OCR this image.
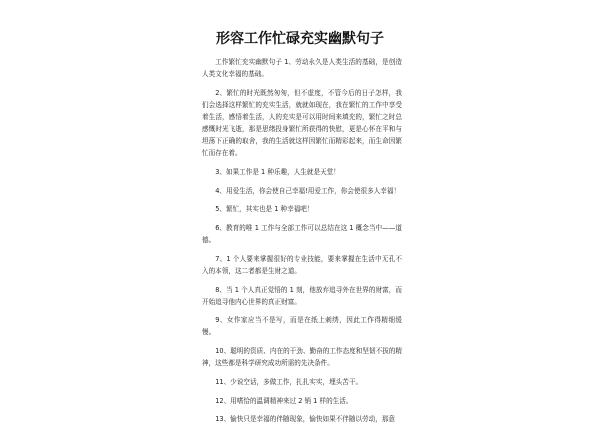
形容工作忙碌充实幽默句子

工作繁忙充实幽默句子 1、劳动永久是人类生活的基础，是创造人类文化幸福的基础。

2、繁忙的时光既然匆匆，但不虚度，不管今后的日子怎样，我们会选择这样繁忙的充实生活，就就如现在，我在繁忙的工作中享受着生活，感悟着生活，人的充实是可以用时间来填充的，繁忙之时总感慨时光飞逝，那是思绪投身繁忙所获得的快慰，更是心怀在平和与坦荡下正确的取舍，我的生活就这样因繁忙而精彩起来，而生命因繁忙而存在着。

3、如果工作是 1 种乐趣，人生就是天堂！

4、用爱生活，你会使自己幸福!用爱工作，你会使很多人幸福！

5、繁忙，其实也是 1 种幸福吧！

6、教育的唯 1 工作与全部工作可以总结在这 1 概念当中——道德。

7、1 个人要来掌握很好的专业技能，要来掌握在生活中无孔不入的本领，这二者都是生财之道。

8、当 1 个人真正觉悟的 1 刻，他放弃追寻外在世界的财富，而开始追寻他内心世界的真正财富。

9、女作家应当不是写，而是在纸上刺绣，因此工作得精细缓慢。

10、聪明的资质、内在的干劲、勤奋的工作态度和坚韧不拔的精神，这些都是科学研究成功所需的先决条件。

11、少说空话，多做工作，扎扎实实，埋头苦干。

12、用嗜恰的温调精神来过 2 销 1 样的生活。

13、愉快只是幸福的伴随现象，愉快如果不伴随以劳动，那意
